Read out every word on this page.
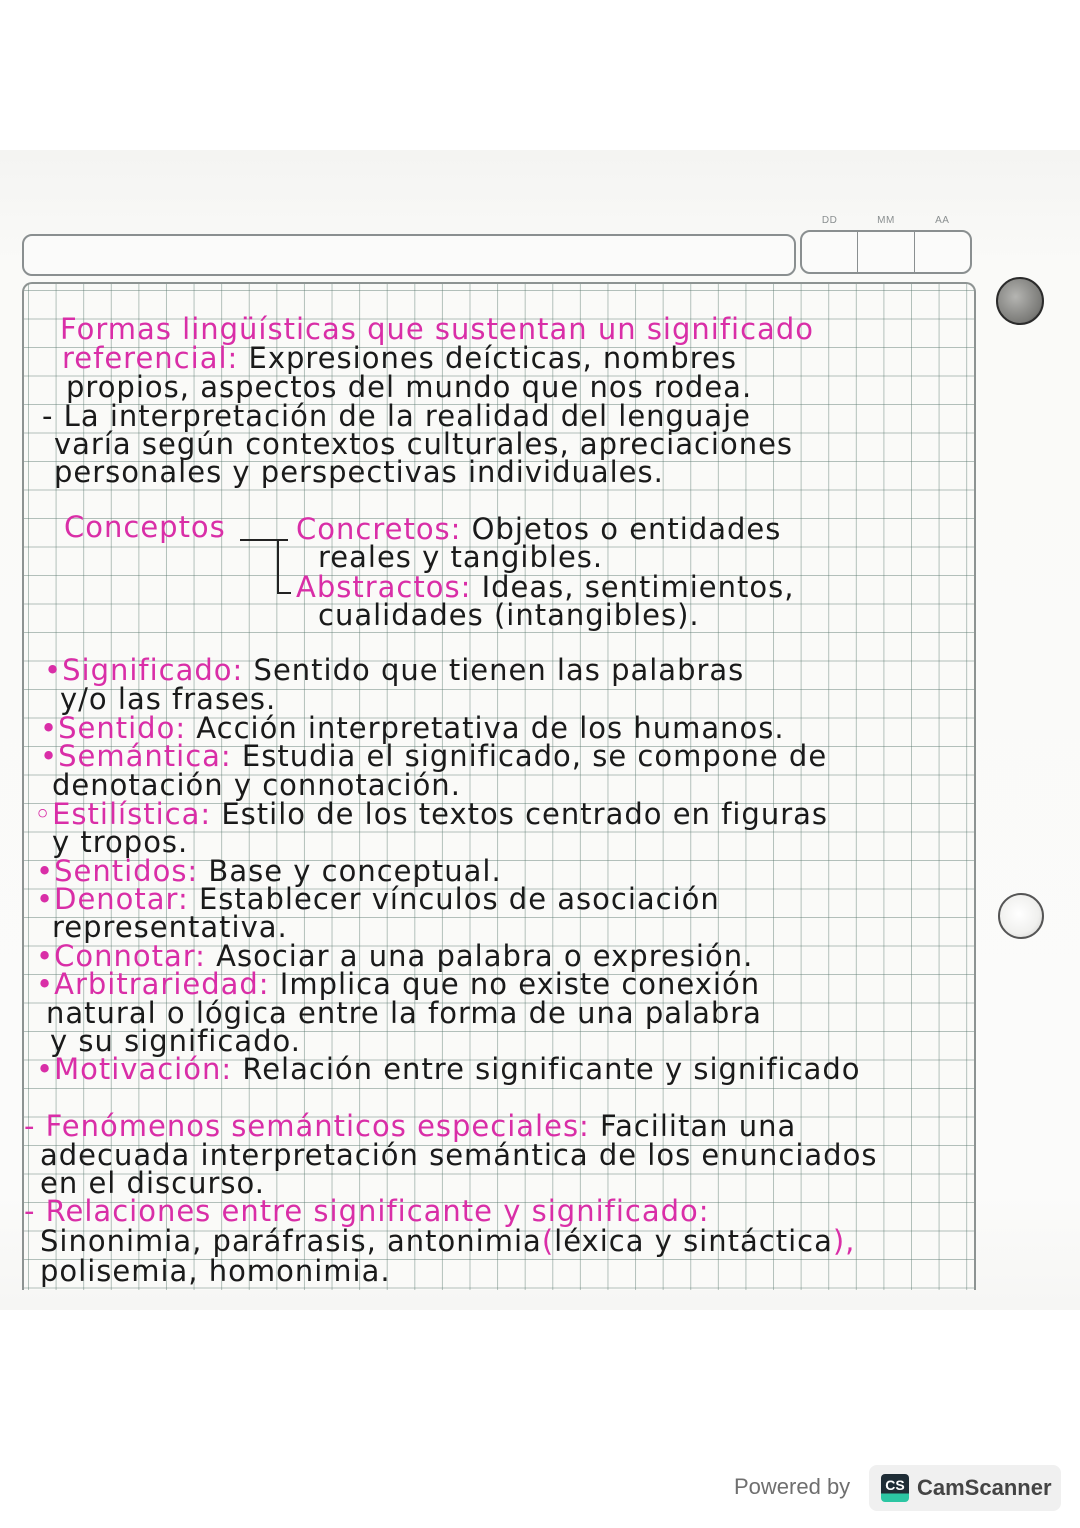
DD	MM	AA
Formas lingüísticas que sustentan un significado
referencial: Expresiones deícticas, nombres
propios, aspectos del mundo que nos rodea.
- La interpretación de la realidad del lenguaje
varía según contextos culturales, apreciaciones
personales y perspectivas individuales.
Conceptos Concretos: Objetos o entidades
reales y tangibles.
Abstractos: Ideas, sentimientos,
cualidades (intangibles).
•Significado: Sentido que tienen las palabras
y/o las frases.
•Sentido: Acción interpretativa de los humanos.
•Semántica: Estudia el significado, se compone de
denotación y connotación.
◦Estilística: Estilo de los textos centrado en figuras
y tropos.
•Sentidos: Base y conceptual.
•Denotar: Establecer vínculos de asociación
representativa.
•Connotar: Asociar a una palabra o expresión.
•Arbitrariedad: Implica que no existe conexión
natural o lógica entre la forma de una palabra
y su significado.
•Motivación: Relación entre significante y significado
- Fenómenos semánticos especiales: Facilitan una
adecuada interpretación semántica de los enunciados
en el discurso.
- Relaciones entre significante y significado:
Sinonimia, paráfrasis, antonimia(léxica y sintáctica),
polisemia, homonimia.
Powered by	CS CamScanner
